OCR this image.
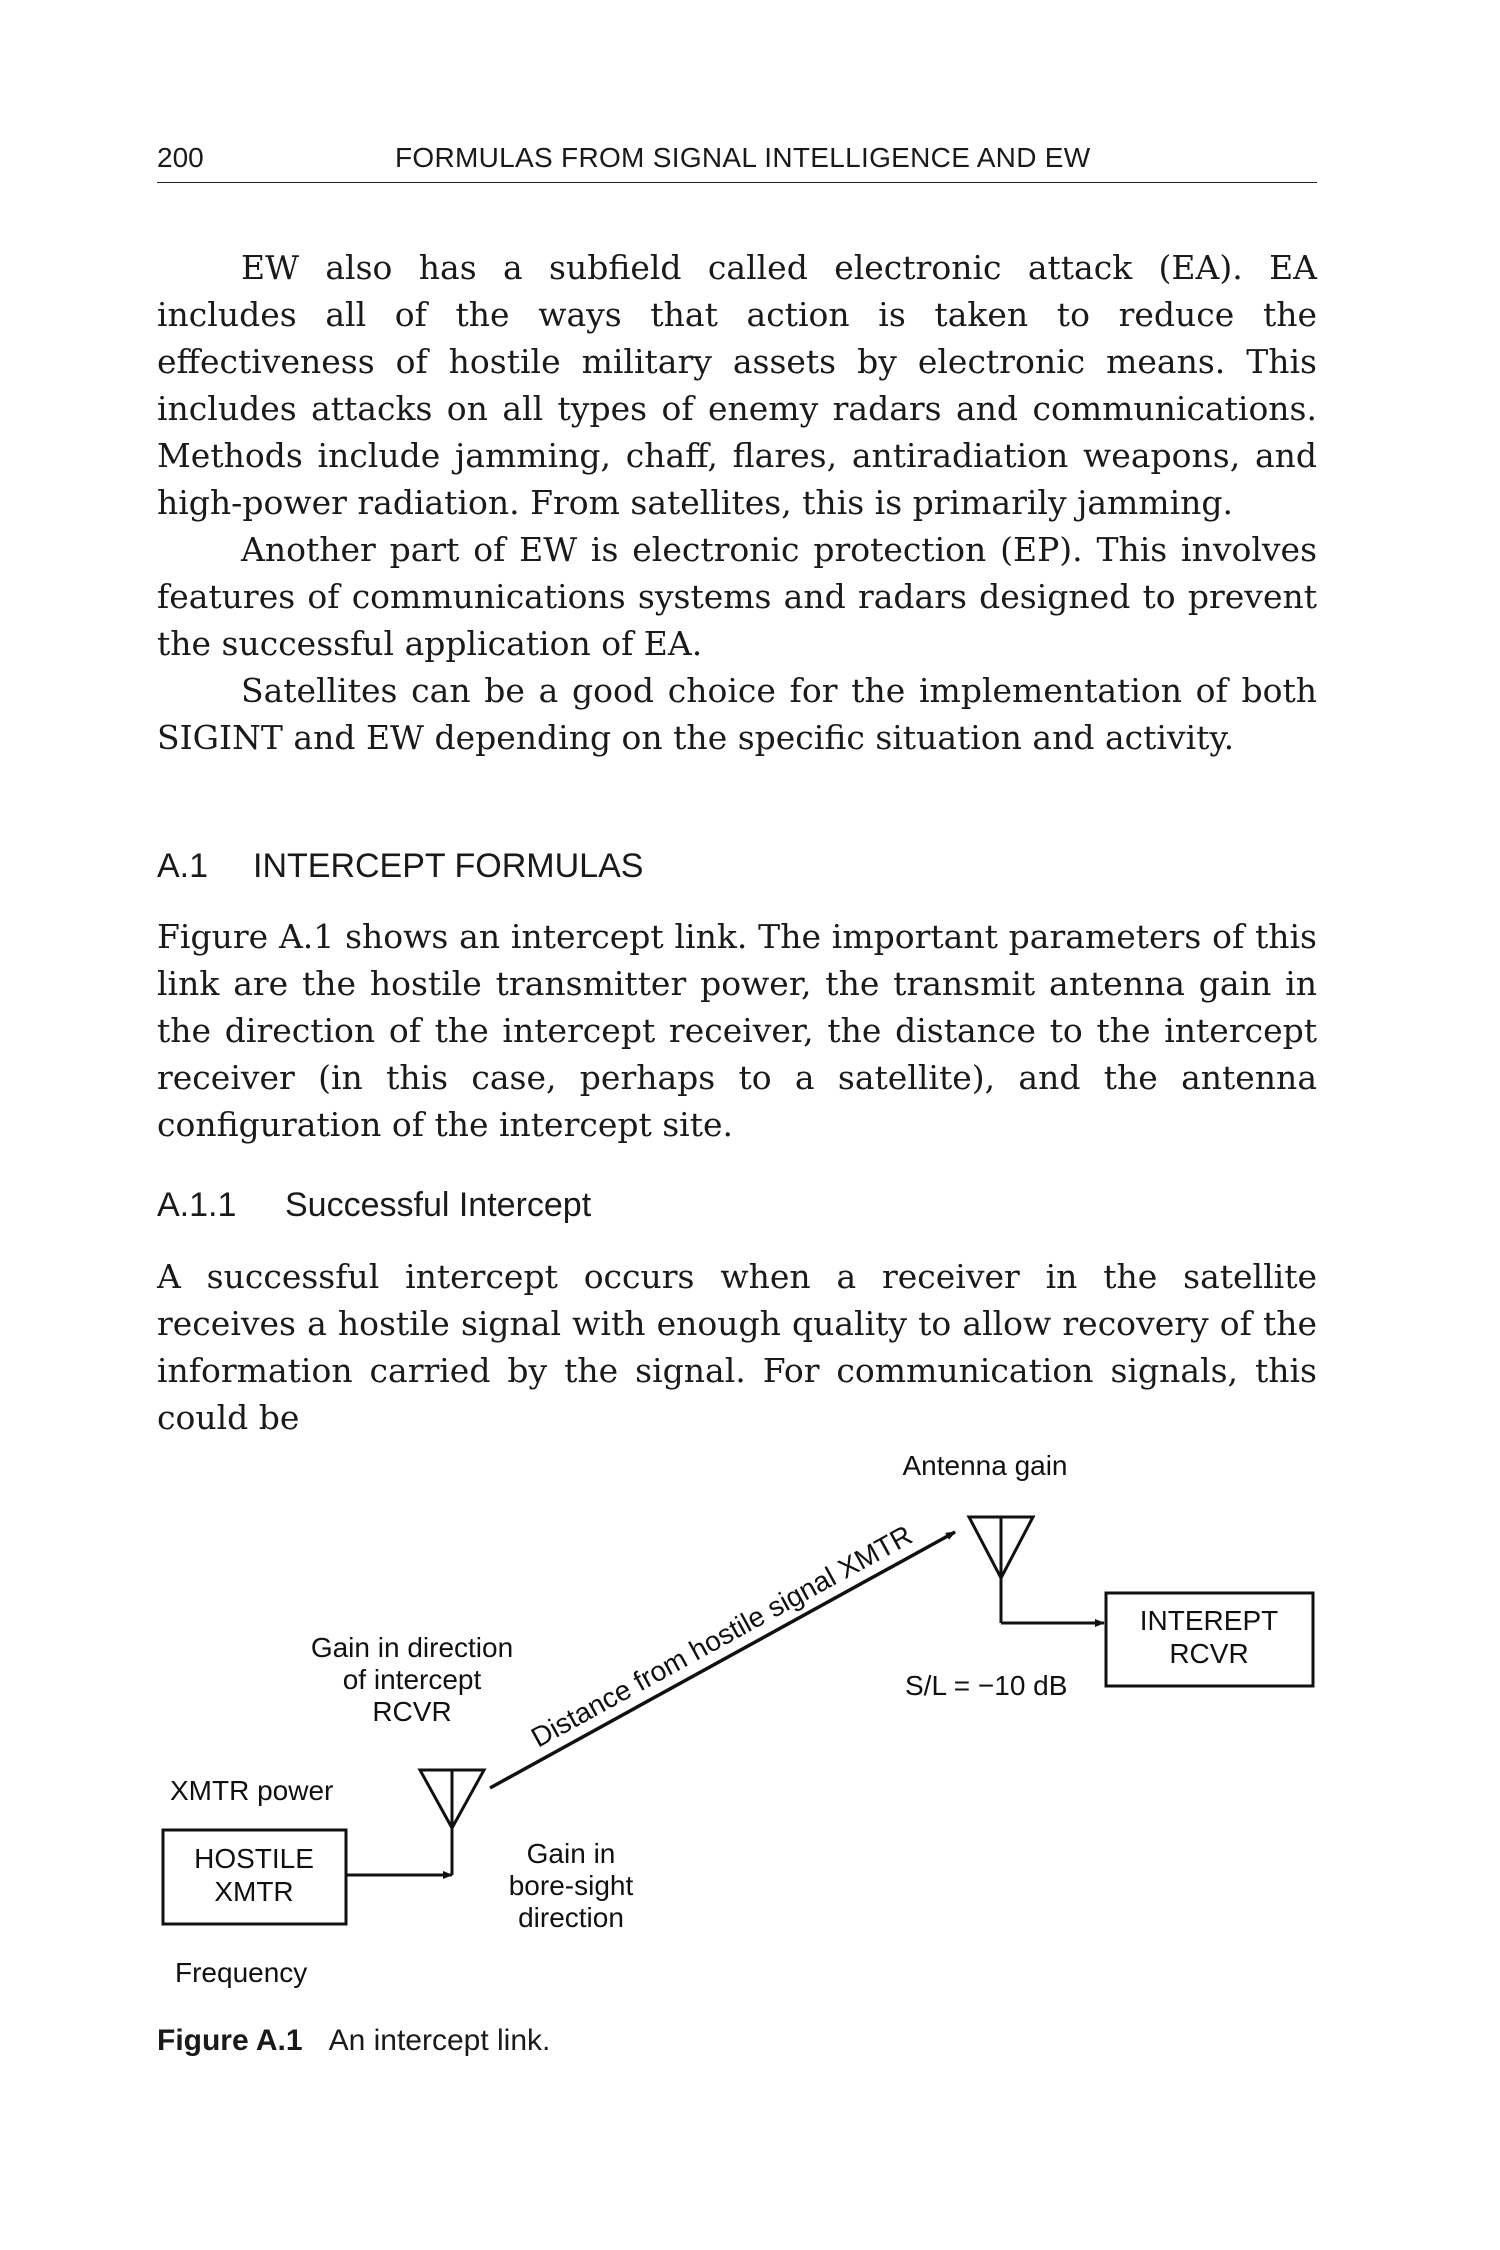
200	FORMULAS FROM SIGNAL INTELLIGENCE AND EW

EW also has a subfield called electronic attack (EA). EA includes all of the ways that action is taken to reduce the effectiveness of hostile military assets by electronic means. This includes attacks on all types of enemy radars and communications. Methods include jamming, chaff, flares, antiradiation weapons, and high-power radiation. From satellites, this is primarily jamming.

Another part of EW is electronic protection (EP). This involves features of communications systems and radars designed to prevent the successful application of EA.

Satellites can be a good choice for the implementation of both SIGINT and EW depending on the specific situation and activity.

A.1 INTERCEPT FORMULAS

Figure A.1 shows an intercept link. The important parameters of this link are the hostile transmitter power, the transmit antenna gain in the direction of the intercept receiver, the distance to the intercept receiver (in this case, perhaps to a satellite), and the antenna configuration of the intercept site.

A.1.1 Successful Intercept

A successful intercept occurs when a receiver in the satellite receives a hostile signal with enough quality to allow recovery of the information carried by the signal. For communication signals, this could be

XMTR power
HOSTILE
XMTR
Frequency
Gain in direction
of intercept
RCVR
Gain in
bore-sight
direction
Distance from hostile signal XMTR
Antenna gain
INTEREPT
RCVR
S/L = −10 dB
Figure A.1 An intercept link.
